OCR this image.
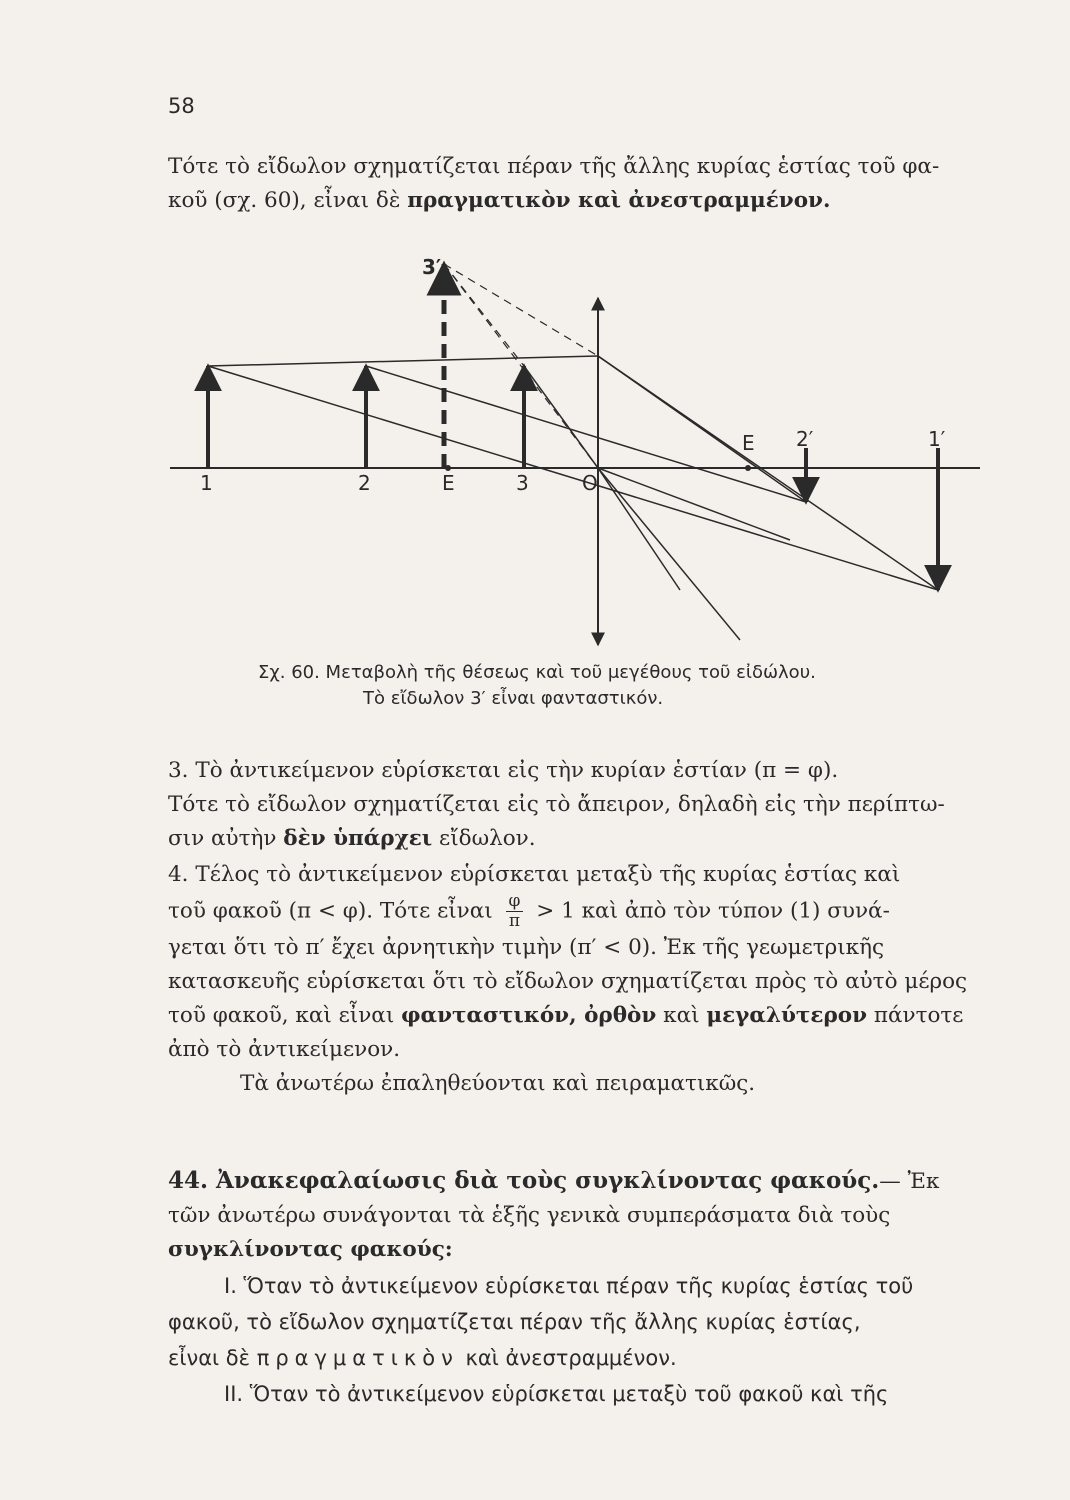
58

Τότε τὸ εἴδωλον σχηματίζεται πέραν τῆς ἄλλης κυρίας ἑστίας τοῦ φα-
κοῦ (σχ. 60), εἶναι δὲ πραγματικὸν καὶ ἀνεστραμμένον.

1	2	E	3	O
E 2′	1′
3′
Σχ. 60. Μεταβολὴ τῆς θέσεως καὶ τοῦ μεγέθους τοῦ εἰδώλου.
Τὸ εἴδωλον 3′ εἶναι φανταστικόν.

3. Τὸ ἀντικείμενον εὑρίσκεται εἰς τὴν κυρίαν ἑστίαν (π = φ).
Τότε τὸ εἴδωλον σχηματίζεται εἰς τὸ ἄπειρον, δηλαδὴ εἰς τὴν περίπτω-
σιν αὐτὴν δὲν ὑπάρχει εἴδωλον.

4. Τέλος τὸ ἀντικείμενον εὑρίσκεται μεταξὺ τῆς κυρίας ἑστίας καὶ
τοῦ φακοῦ (π < φ). Τότε εἶναι $\frac{\varphi}{\pi} > 1$ καὶ ἀπὸ τὸν τύπον (1) συνά-
γεται ὅτι τὸ π′ ἔχει ἀρνητικὴν τιμὴν (π′ < 0). Ἐκ τῆς γεωμετρικῆς
κατασκευῆς εὑρίσκεται ὅτι τὸ εἴδωλον σχηματίζεται πρὸς τὸ αὐτὸ μέρος
τοῦ φακοῦ, καὶ εἶναι φανταστικόν, ὀρθὸν καὶ μεγαλύτερον πάντοτε
ἀπὸ τὸ ἀντικείμενον.
Τὰ ἀνωτέρω ἐπαληθεύονται καὶ πειραματικῶς.

44. Ἀνακεφαλαίωσις διὰ τοὺς συγκλίνοντας φακούς.— Ἐκ
τῶν ἀνωτέρω συνάγονται τὰ ἑξῆς γενικὰ συμπεράσματα διὰ τοὺς
συγκλίνοντας φακούς:

I. Ὅταν τὸ ἀντικείμενον εὑρίσκεται πέραν τῆς κυρίας ἑστίας τοῦ
φακοῦ, τὸ εἴδωλον σχηματίζεται πέραν τῆς ἄλλης κυρίας ἑστίας,
εἶναι δὲ πραγματικὸν καὶ ἀνεστραμμένον.
II. Ὅταν τὸ ἀντικείμενον εὑρίσκεται μεταξὺ τοῦ φακοῦ καὶ τῆς
